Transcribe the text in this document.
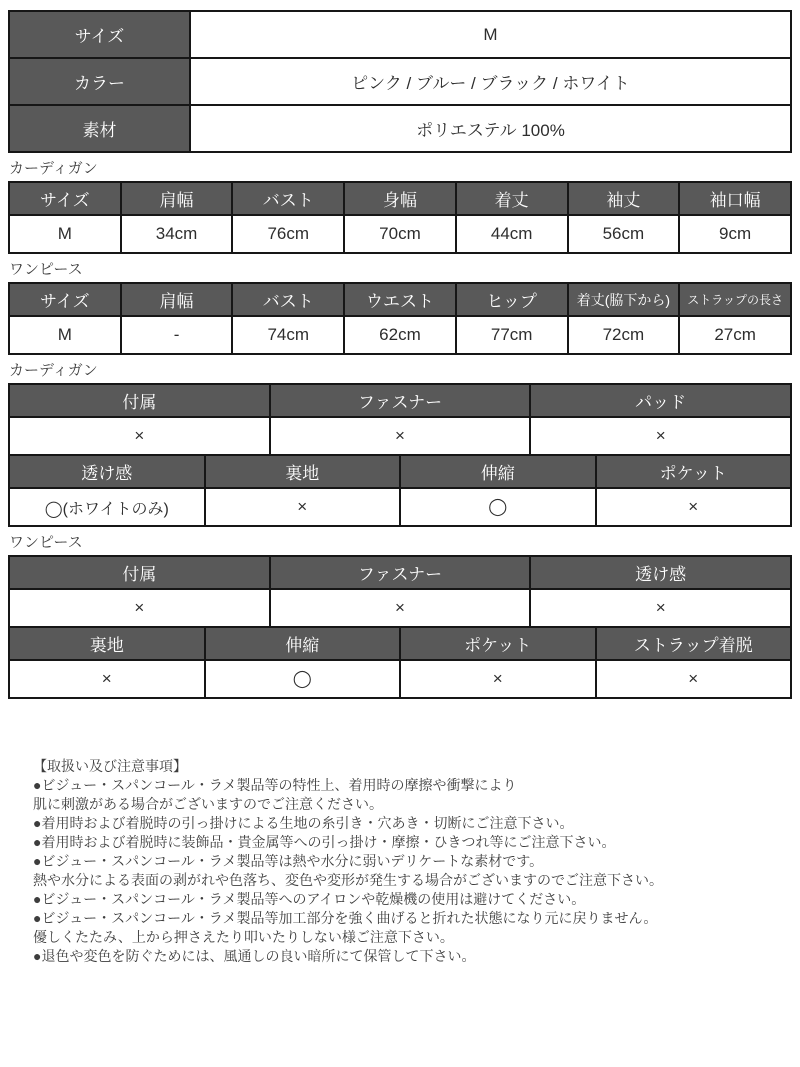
サイズ	M
カラー	ピンク / ブルー / ブラック / ホワイト
素材	ポリエステル 100%
カーディガン
サイズ	肩幅	バスト	身幅	着丈	袖丈	袖口幅
M	34cm	76cm	70cm	44cm	56cm	9cm
ワンピース
サイズ	肩幅	バスト	ウエスト	ヒップ	着丈(脇下から)	ストラップの長さ
M	-	74cm	62cm	77cm	72cm	27cm
カーディガン
付属	ファスナー	パッド
×	×	×
透け感	裏地	伸縮	ポケット
◯(ホワイトのみ)	×	◯	×
ワンピース
付属	ファスナー	透け感
×	×	×
裏地	伸縮	ポケット	ストラップ着脱
×	◯	×	×
【取扱い及び注意事項】
●ビジュー・スパンコール・ラメ製品等の特性上、着用時の摩擦や衝撃により
肌に刺激がある場合がございますのでご注意ください。
●着用時および着脱時の引っ掛けによる生地の糸引き・穴あき・切断にご注意下さい。
●着用時および着脱時に装飾品・貴金属等への引っ掛け・摩擦・ひきつれ等にご注意下さい。
●ビジュー・スパンコール・ラメ製品等は熱や水分に弱いデリケートな素材です。
熱や水分による表面の剥がれや色落ち、変色や変形が発生する場合がございますのでご注意下さい。
●ビジュー・スパンコール・ラメ製品等へのアイロンや乾燥機の使用は避けてください。
●ビジュー・スパンコール・ラメ製品等加工部分を強く曲げると折れた状態になり元に戻りません。
優しくたたみ、上から押さえたり叩いたりしない様ご注意下さい。
●退色や変色を防ぐためには、風通しの良い暗所にて保管して下さい。
